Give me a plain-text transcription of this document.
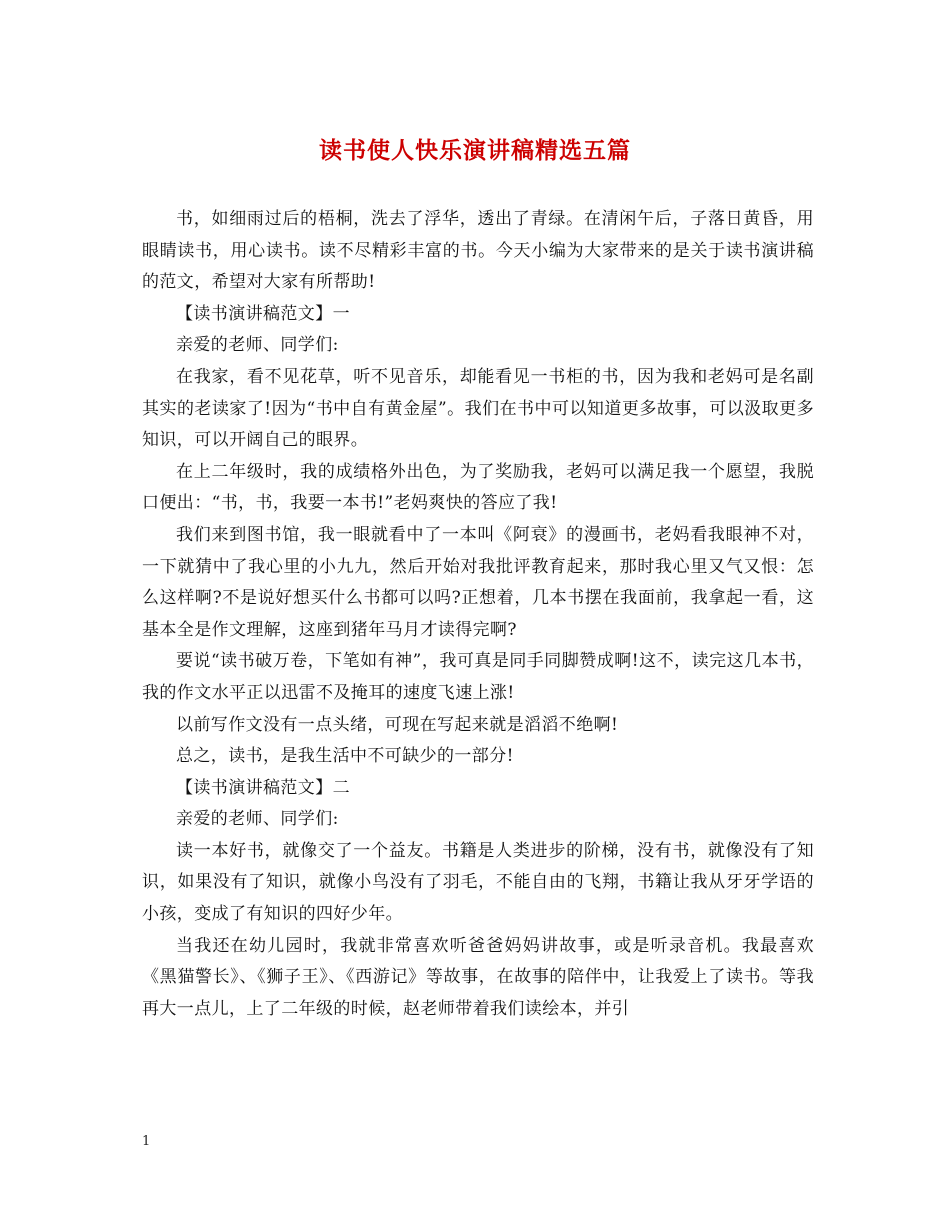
读书使人快乐演讲稿精选五篇

书，如细雨过后的梧桐，洗去了浮华，透出了青绿。在清闲午后，子落日黄昏，用眼睛读书，用心读书。读不尽精彩丰富的书。今天小编为大家带来的是关于读书演讲稿的范文，希望对大家有所帮助!

【读书演讲稿范文】一

亲爱的老师、同学们:

在我家，看不见花草，听不见音乐，却能看见一书柜的书，因为我和老妈可是名副其实的老读家了!因为“书中自有黄金屋”。我们在书中可以知道更多故事，可以汲取更多知识，可以开阔自己的眼界。

在上二年级时，我的成绩格外出色，为了奖励我，老妈可以满足我一个愿望，我脱口便出：“书，书，我要一本书!”老妈爽快的答应了我!

我们来到图书馆，我一眼就看中了一本叫《阿衰》的漫画书，老妈看我眼神不对，一下就猜中了我心里的小九九，然后开始对我批评教育起来，那时我心里又气又恨：怎么这样啊?不是说好想买什么书都可以吗?正想着，几本书摆在我面前，我拿起一看，这基本全是作文理解，这座到猪年马月才读得完啊?

要说“读书破万卷，下笔如有神”，我可真是同手同脚赞成啊!这不，读完这几本书，我的作文水平正以迅雷不及掩耳的速度飞速上涨!

以前写作文没有一点头绪，可现在写起来就是滔滔不绝啊!

总之，读书，是我生活中不可缺少的一部分!

【读书演讲稿范文】二

亲爱的老师、同学们:

读一本好书，就像交了一个益友。书籍是人类进步的阶梯，没有书，就像没有了知识，如果没有了知识，就像小鸟没有了羽毛，不能自由的飞翔，书籍让我从牙牙学语的小孩，变成了有知识的四好少年。

当我还在幼儿园时，我就非常喜欢听爸爸妈妈讲故事，或是听录音机。我最喜欢《黑猫警长》、《狮子王》、《西游记》等故事，在故事的陪伴中，让我爱上了读书。等我再大一点儿，上了二年级的时候，赵老师带着我们读绘本，并引

1
